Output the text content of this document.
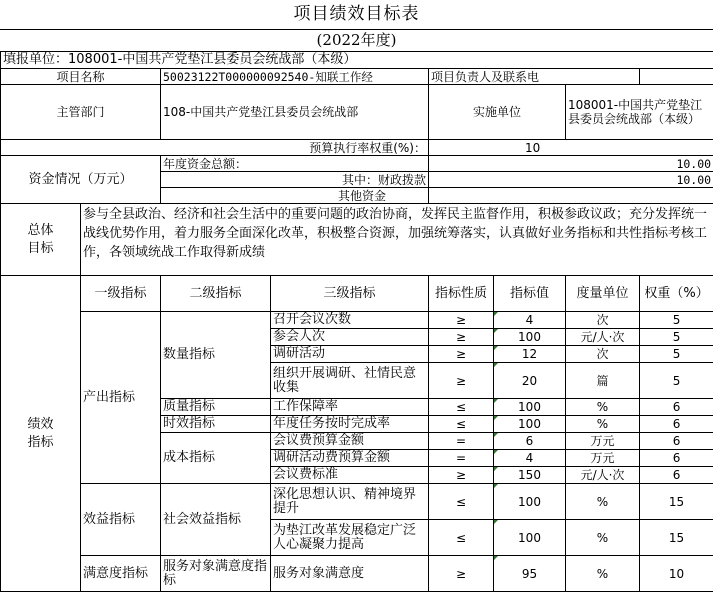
项目绩效目标表
(2022年度)
填报单位：108001-中国共产党垫江县委员会统战部（本级）							
项目名称		50023122T000000092540-知联工作经		项目负责人及联系电			
主管部门		108-中国共产党垫江县委员会统战部		实施单位		108001-中国共产党垫江县委员会统战部（本级）	
预算执行率权重(%)：				10			
资金情况（万元）		年度资金总额：		10.00			
		其中：财政拨款		10.00			
		其他资金					
总体目标	参与全县政治、经济和社会生活中的重要问题的政治协商，发挥民主监督作用，积极参政议政；充分发挥统一战线优势作用，着力服务全面深化改革，积极整合资源，加强统筹落实，认真做好业务指标和共性指标考核工作，各领域统战工作取得新成绩						
绩效指标	一级指标	二级指标	三级指标	指标性质	指标值	度量单位	权重（%）
	产出指标	数量指标	召开会议次数	≥	4	次	5
			参会人次	≥	100	元/人·次	5
			调研活动	≥	12	次	5
			组织开展调研、社情民意收集	≥	20	篇	5
		质量指标	工作保障率	≤	100	%	6
		时效指标	年度任务按时完成率	≤	100	%	6
		成本指标	会议费预算金额	=	6	万元	6
			调研活动费预算金额	=	4	万元	6
			会议费标准	≥	150	元/人·次	6
	效益指标	社会效益指标	深化思想认识、精神境界提升	≤	100	%	15
			为垫江改革发展稳定广泛人心凝聚力提高	≤	100	%	15
	满意度指标	服务对象满意度指标	服务对象满意度	≥	95	%	10
